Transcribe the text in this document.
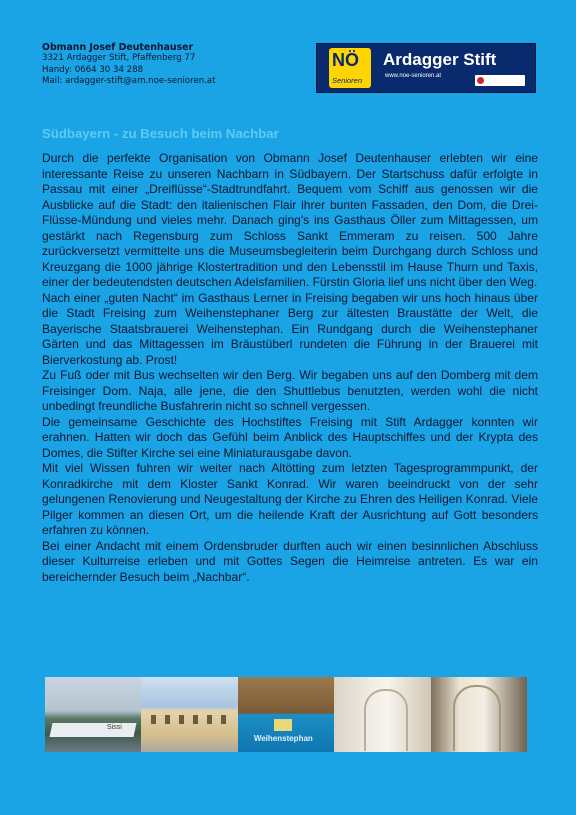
Obmann Josef Deutenhauser

3321 Ardagger Stift, Pfaffenberg 77

Handy: 0664 30 34 288

Mail: ardagger-stift@am.noe-senioren.at

NÖ
Senioren
Ardagger Stift
www.noe-senioren.at
Südbayern - zu Besuch beim Nachbar

Durch die perfekte Organisation von Obmann Josef Deutenhauser erlebten wir eine interessante Reise zu unseren Nachbarn in Südbayern. Der Startschuss dafür erfolgte in Passau mit einer „Dreiflüsse“-Stadtrundfahrt. Bequem vom Schiff aus genossen wir die Ausblicke auf die Stadt: den italienischen Flair ihrer bunten Fassaden, den Dom, die Drei-Flüsse-Mündung und vieles mehr. Danach ging's ins Gasthaus Öller zum Mittagessen, um gestärkt nach Regensburg zum Schloss Sankt Emmeram zu reisen. 500 Jahre zurückversetzt vermittelte uns die Museumsbegleiterin beim Durchgang durch Schloss und Kreuzgang die 1000 jährige Klostertradition und den Lebensstil im Hause Thurn und Taxis, einer der bedeutendsten deutschen Adelsfamilien. Fürstin Gloria lief uns nicht über den Weg.

Nach einer „guten Nacht“ im Gasthaus Lerner in Freising begaben wir uns hoch hinaus über die Stadt Freising zum Weihenstephaner Berg zur ältesten Braustätte der Welt, die Bayerische Staatsbrauerei Weihenstephan. Ein Rundgang durch die Weihenstephaner Gärten und das Mittagessen im Bräustüberl rundeten die Führung in der Brauerei mit Bierverkostung ab. Prost!

Zu Fuß oder mit Bus wechselten wir den Berg. Wir begaben uns auf den Domberg mit dem Freisinger Dom. Naja, alle jene, die den Shuttlebus benutzten, werden wohl die nicht unbedingt freundliche Busfahrerin nicht so schnell vergessen.

Die gemeinsame Geschichte des Hochstiftes Freising mit Stift Ardagger konnten wir erahnen. Hatten wir doch das Gefühl beim Anblick des Hauptschiffes und der Krypta des Domes, die Stifter Kirche sei eine Miniaturausgabe davon.

Mit viel Wissen fuhren wir weiter nach Altötting zum letzten Tagesprogrammpunkt, der Konradkirche mit dem Kloster Sankt Konrad. Wir waren beeindruckt von der sehr gelungenen Renovierung und Neugestaltung der Kirche zu Ehren des Heiligen Konrad. Viele Pilger kommen an diesen Ort, um die heilende Kraft der Ausrichtung auf Gott besonders erfahren zu können.

Bei einer Andacht mit einem Ordensbruder durften auch wir einen besinnlichen Abschluss dieser Kulturreise erleben und mit Gottes Segen die Heimreise antreten. Es war ein bereichernder Besuch beim „Nachbar“.

Sissi
Weihenstephan
